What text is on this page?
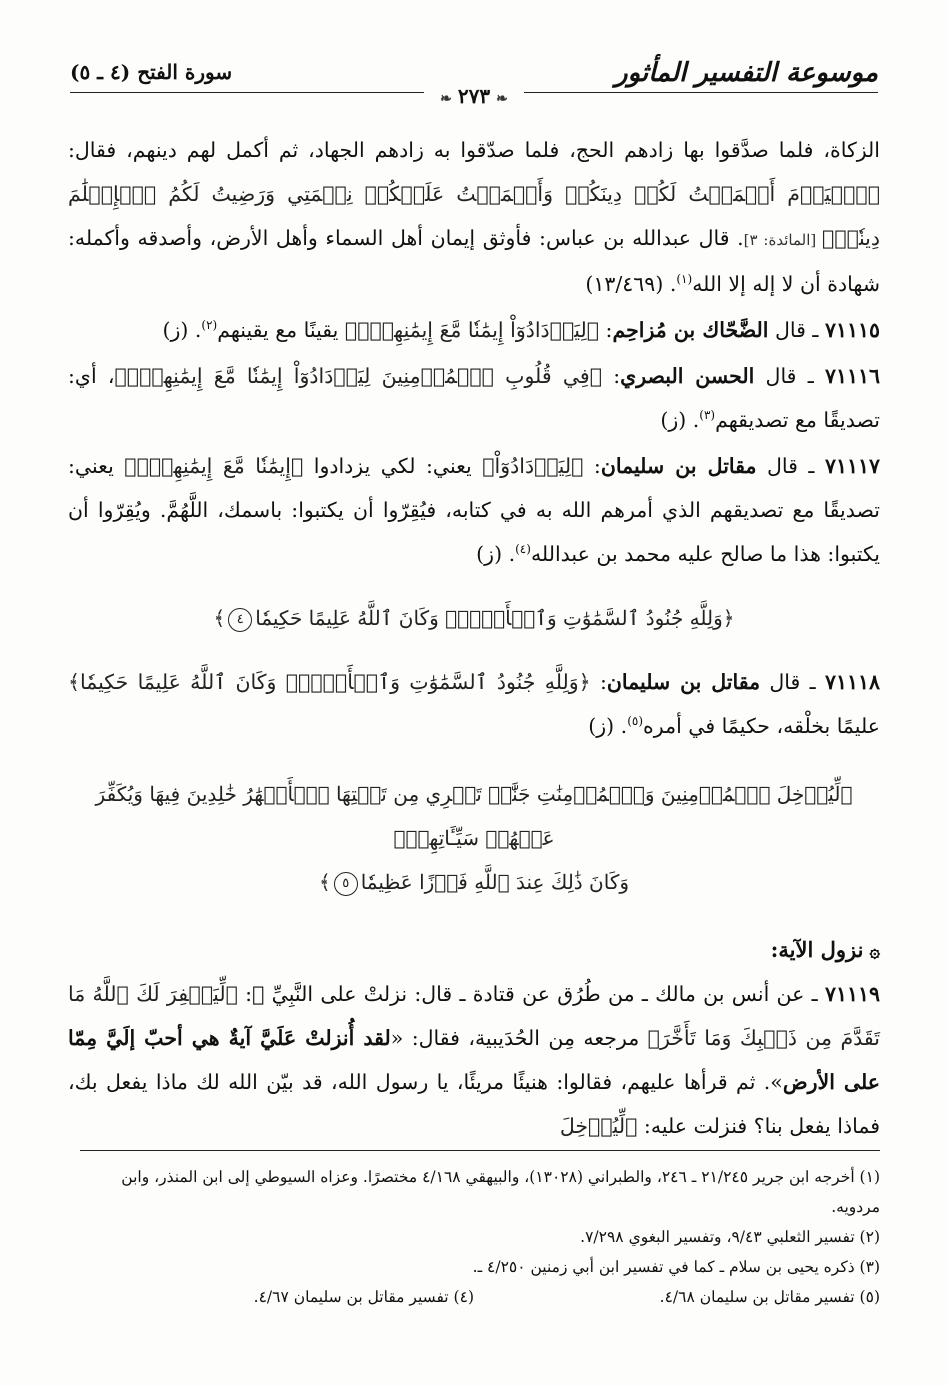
موسوعة التفسير المأثور
سورة الفتح (٤ ـ ٥)
❧ ٢٧٣ ❧

الزكاة، فلما صدَّقوا بها زادهم الحج، فلما صدّقوا به زادهم الجهاد، ثم أكمل لهم دينهم، فقال: ﴿ٱلۡيَوۡمَ أَكۡمَلۡتُ لَكُمۡ دِينَكُمۡ وَأَتۡمَمۡتُ عَلَيۡكُمۡ نِعۡمَتِي وَرَضِيتُ لَكُمُ ٱلۡإِسۡلَٰمَ دِينٗاۚ﴾ [المائدة: ٣]. قال عبدالله بن عباس: فأوثق إيمان أهل السماء وأهل الأرض، وأصدقه وأكمله: شهادة أن لا إله إلا الله$^{(١)}$. (١٣/٤٦٩)

٧١١١٥ ـ قال الضَّحّاك بن مُزاحِم: ﴿لِيَزۡدَادُوٓاْ إِيمَٰنٗا مَّعَ إِيمَٰنِهِمۡۗ﴾ يقينًا مع يقينهم$^{(٢)}$. (ز)

٧١١١٦ ـ قال الحسن البصري: ﴿فِي قُلُوبِ ٱلۡمُؤۡمِنِينَ لِيَزۡدَادُوٓاْ إِيمَٰنٗا مَّعَ إِيمَٰنِهِمۡۗ﴾، أي: تصديقًا مع تصديقهم$^{(٣)}$. (ز)

٧١١١٧ ـ قال مقاتل بن سليمان: ﴿لِيَزۡدَادُوٓاْ﴾ يعني: لكي يزدادوا ﴿إِيمَٰنٗا مَّعَ إِيمَٰنِهِمۡۗ﴾ يعني: تصديقًا مع تصديقهم الذي أمرهم الله به في كتابه، فيُقِرّوا أن يكتبوا: باسمك، اللَّهُمَّ. ويُقِرّوا أن يكتبوا: هذا ما صالح عليه محمد بن عبدالله$^{(٤)}$. (ز)

﴿وَلِلَّهِ جُنُودُ ٱلسَّمَٰوَٰتِ وَٱلۡأَرۡضِۚ وَكَانَ ٱللَّهُ عَلِيمًا حَكِيمٗا٤﴾

٧١١١٨ ـ قال مقاتل بن سليمان: ﴿وَلِلَّهِ جُنُودُ ٱلسَّمَٰوَٰتِ وَٱلۡأَرۡضِۚ وَكَانَ ٱللَّهُ عَلِيمًا حَكِيمٗا﴾ عليمًا بخلْقه، حكيمًا في أمره$^{(٥)}$. (ز)

﴿لِّيُدۡخِلَ ٱلۡمُؤۡمِنِينَ وَٱلۡمُؤۡمِنَٰتِ جَنَّٰتٖ تَجۡرِي مِن تَحۡتِهَا ٱلۡأَنۡهَٰرُ خَٰلِدِينَ فِيهَا وَيُكَفِّرَ عَنۡهُمۡ سَيِّـَٔاتِهِمۡۚ
وَكَانَ ذَٰلِكَ عِندَ ٱللَّهِ فَوۡزًا عَظِيمٗا٥﴾
۞نزول الآية:

٧١١١٩ ـ عن أنس بن مالك ـ من طُرُق عن قتادة ـ قال: نزلتْ على النَّبِيِّ ﷺ: ﴿لِّيَغۡفِرَ لَكَ ٱللَّهُ مَا تَقَدَّمَ مِن ذَنۢبِكَ وَمَا تَأَخَّرَ﴾ مرجعه مِن الحُدَيبية، فقال: «لقد أُنزلتْ عَلَيَّ آيةٌ هي أحبّ إلَيَّ مِمّا على الأرض». ثم قرأها عليهم، فقالوا: هنيئًا مريئًا، يا رسول الله، قد بيّن الله لك ماذا يفعل بك، فماذا يفعل بنا؟ فنزلت عليه: ﴿لِّيُدۡخِلَ

(١) أخرجه ابن جرير ٢١/٢٤٥ ـ ٢٤٦، والطبراني (١٣٠٢٨)، والبيهقي ٤/١٦٨ مختصرًا. وعزاه السيوطي إلى ابن المنذر، وابن مردويه.

(٢) تفسير الثعلبي ٩/٤٣، وتفسير البغوي ٧/٢٩٨.

(٣) ذكره يحيى بن سلام ـ كما في تفسير ابن أبي زمنين ٤/٢٥٠ ـ.

(٤) تفسير مقاتل بن سليمان ٤/٦٧.	(٥) تفسير مقاتل بن سليمان ٤/٦٨.
